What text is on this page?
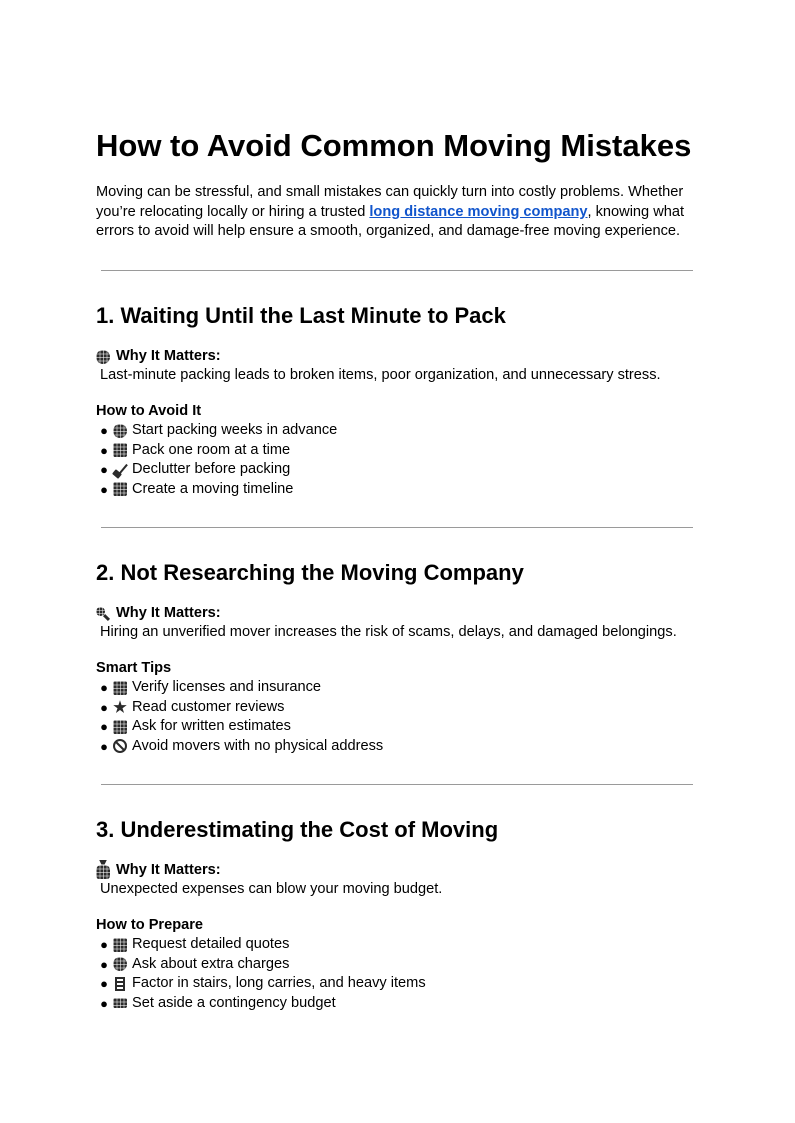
How to Avoid Common Moving Mistakes

Moving can be stressful, and small mistakes can quickly turn into costly problems. Whether you’re relocating locally or hiring a trusted long distance moving company, knowing what errors to avoid will help ensure a smooth, organized, and damage-free moving experience.

1. Waiting Until the Last Minute to Pack

Why It Matters:

Last-minute packing leads to broken items, poor organization, and unnecessary stress.

How to Avoid It

●	Start packing weeks in advance
●	Pack one room at a time
●	Declutter before packing
●	Create a moving timeline
2. Not Researching the Moving Company

Why It Matters:

Hiring an unverified mover increases the risk of scams, delays, and damaged belongings.

Smart Tips

●	Verify licenses and insurance
●	Read customer reviews
●	Ask for written estimates
●	Avoid movers with no physical address
3. Underestimating the Cost of Moving

Why It Matters:

Unexpected expenses can blow your moving budget.

How to Prepare

●	Request detailed quotes
●	Ask about extra charges
●	Factor in stairs, long carries, and heavy items
●	Set aside a contingency budget
